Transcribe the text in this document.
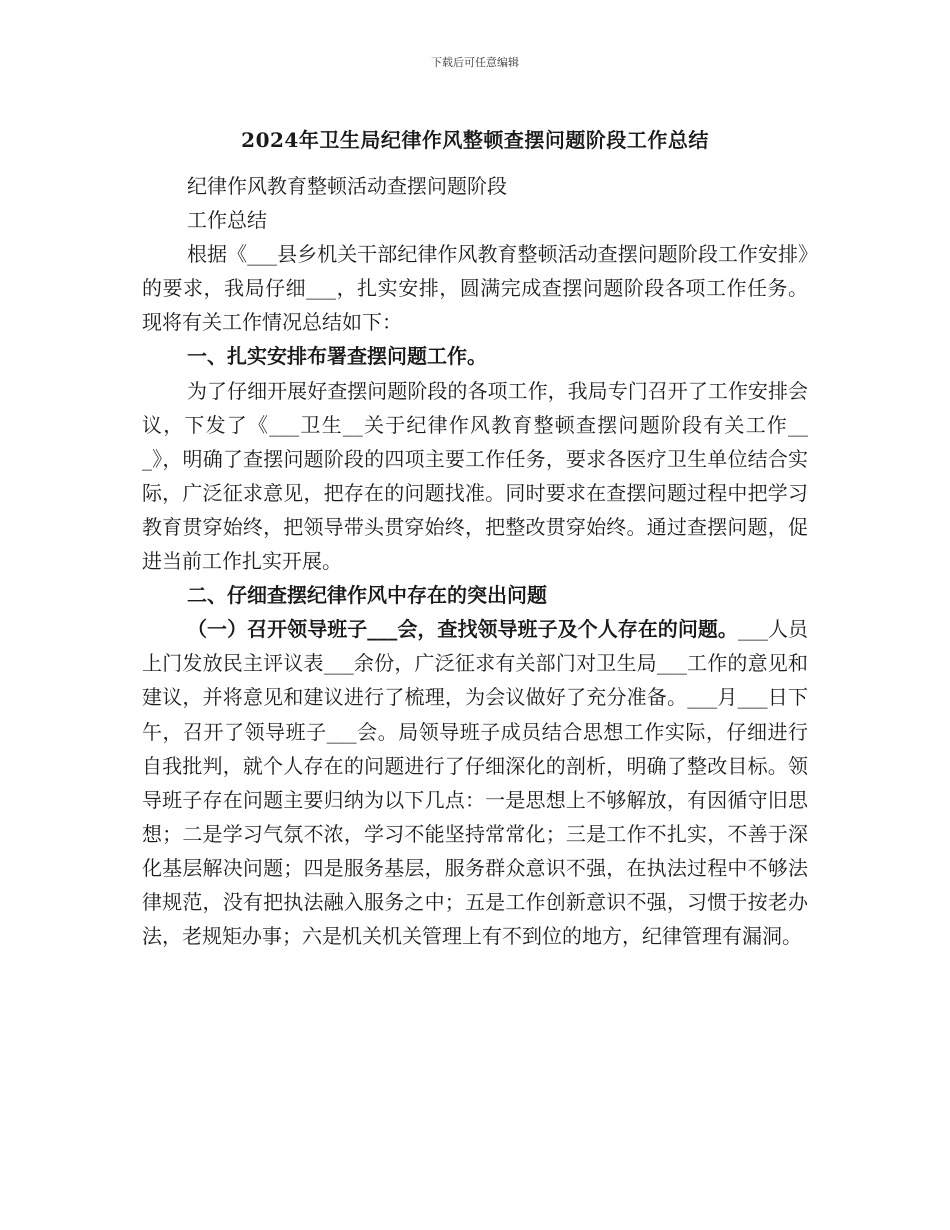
下载后可任意编辑
2024年卫生局纪律作风整顿查摆问题阶段工作总结

纪律作风教育整顿活动查摆问题阶段

工作总结

根据《___县乡机关干部纪律作风教育整顿活动查摆问题阶段工作安排》的要求，我局仔细___，扎实安排，圆满完成查摆问题阶段各项工作任务。现将有关工作情况总结如下：

一、扎实安排布署查摆问题工作。

为了仔细开展好查摆问题阶段的各项工作，我局专门召开了工作安排会议，下发了《___卫生__关于纪律作风教育整顿查摆问题阶段有关工作___》，明确了查摆问题阶段的四项主要工作任务，要求各医疗卫生单位结合实际，广泛征求意见，把存在的问题找准。同时要求在查摆问题过程中把学习教育贯穿始终，把领导带头贯穿始终，把整改贯穿始终。通过查摆问题，促进当前工作扎实开展。

二、仔细查摆纪律作风中存在的突出问题

（一）召开领导班子___会，查找领导班子及个人存在的问题。___人员上门发放民主评议表___余份，广泛征求有关部门对卫生局___工作的意见和建议，并将意见和建议进行了梳理，为会议做好了充分准备。___月___日下午，召开了领导班子___会。局领导班子成员结合思想工作实际，仔细进行自我批判，就个人存在的问题进行了仔细深化的剖析，明确了整改目标。领导班子存在问题主要归纳为以下几点：一是思想上不够解放，有因循守旧思想；二是学习气氛不浓，学习不能坚持常常化；三是工作不扎实，不善于深化基层解决问题；四是服务基层，服务群众意识不强，在执法过程中不够法律规范，没有把执法融入服务之中；五是工作创新意识不强，习惯于按老办法，老规矩办事；六是机关机关管理上有不到位的地方，纪律管理有漏洞。
